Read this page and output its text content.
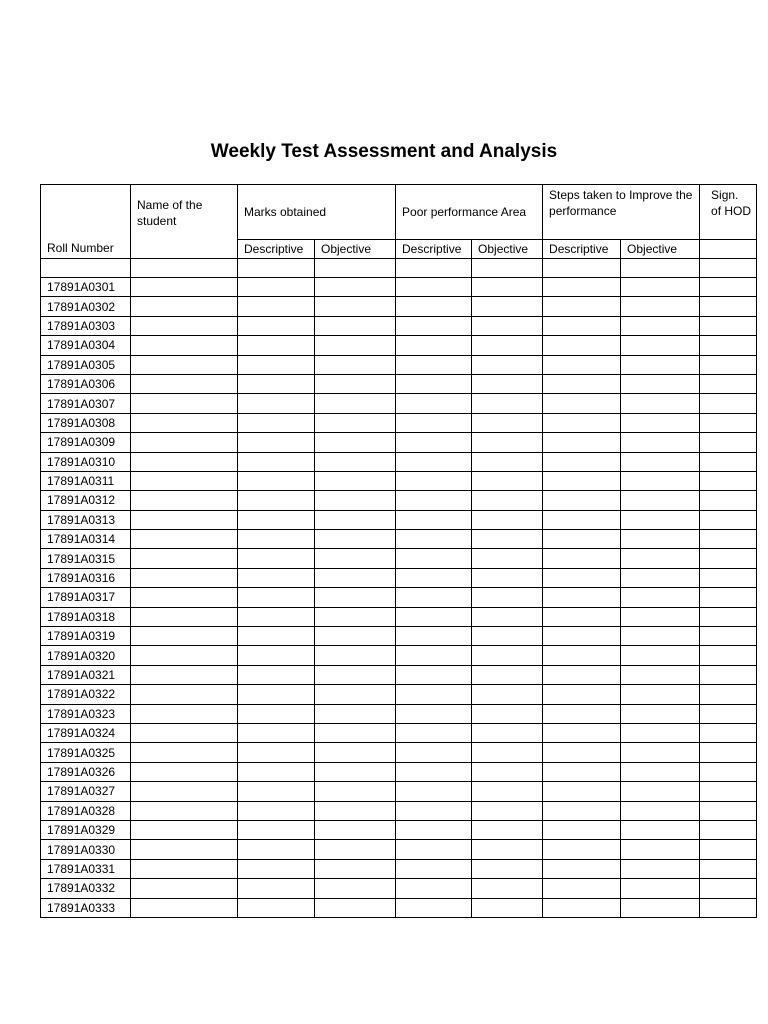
Weekly Test Assessment and Analysis
Roll Number	Name of the student	Marks obtained		Poor performance Area		Steps taken to Improve the performance		Sign. of HOD

		Descriptive	Objective	Descriptive	Objective	Descriptive	Objective	

17891A0301								
17891A0302								
17891A0303								
17891A0304								
17891A0305								
17891A0306								
17891A0307								
17891A0308								
17891A0309								
17891A0310								
17891A0311								
17891A0312								
17891A0313								
17891A0314								
17891A0315								
17891A0316								
17891A0317								
17891A0318								
17891A0319								
17891A0320								
17891A0321								
17891A0322								
17891A0323								
17891A0324								
17891A0325								
17891A0326								
17891A0327								
17891A0328								
17891A0329								
17891A0330								
17891A0331								
17891A0332								
17891A0333								
